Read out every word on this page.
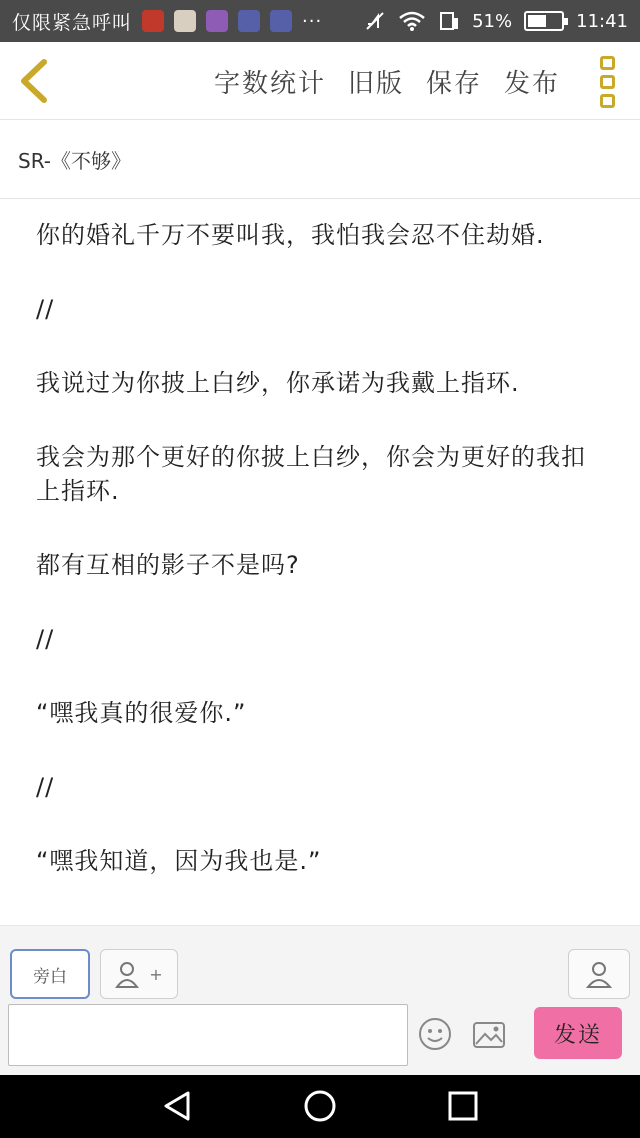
仅限紧急呼叫	···	51%	11:41
字数统计 旧版 保存 发布
SR-《不够》

你的婚礼千万不要叫我，我怕我会忍不住劫婚.

//

我说过为你披上白纱，你承诺为我戴上指环.

我会为那个更好的你披上白纱，你会为更好的我扣上指环.

都有互相的影子不是吗?

//

“嘿我真的很爱你.”

//

“嘿我知道，因为我也是.”

旁白	+
发送
